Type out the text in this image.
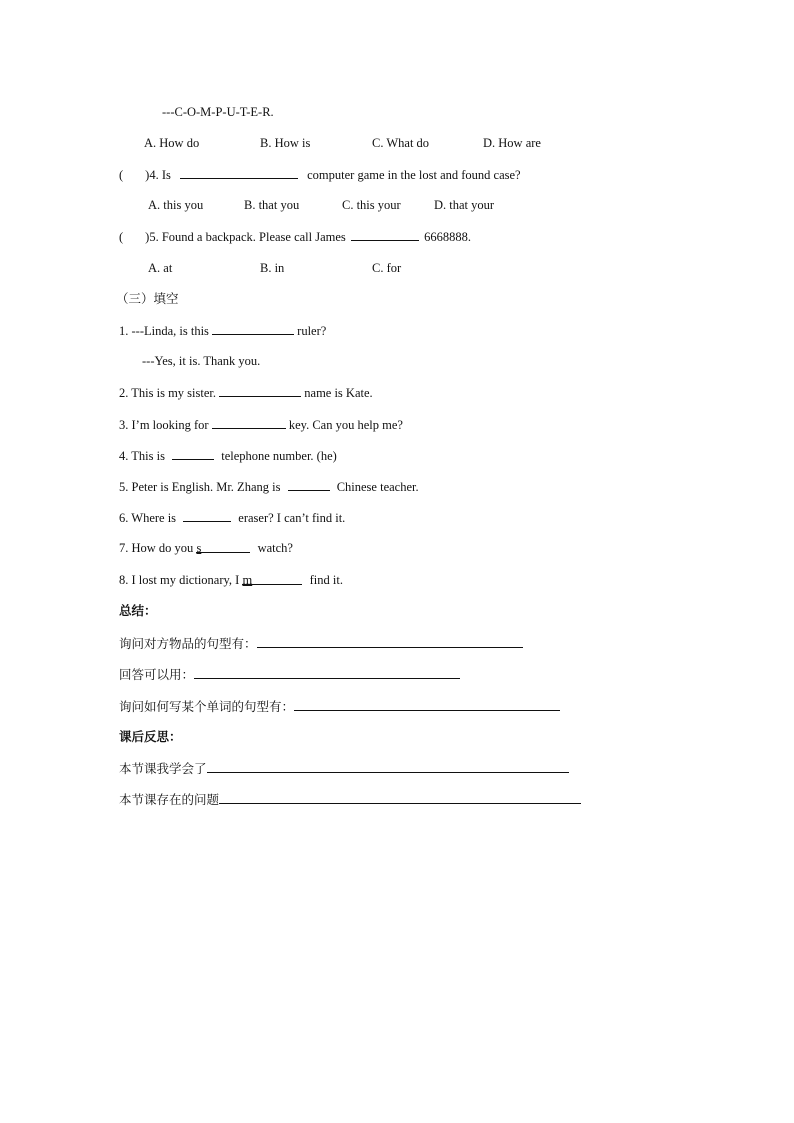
---C-O-M-P-U-T-E-R.
A. How do	B. How is	C. What do	D. How are
( )4. Is	computer game in the lost and found case?
A. this you	B. that you	C. this your	D. that your
( )5. Found a backpack. Please call James	6668888.
A. at	B. in	C. for
（三）填空
1. ---Linda, is this	ruler?
---Yes, it is. Thank you.
2. This is my sister.	name is Kate.
3. I’m looking for	key. Can you help me?
4. This is	telephone number. (he)
5. Peter is English. Mr. Zhang is	Chinese teacher.
6. Where is	eraser? I can’t find it.
7. How do you s	watch?
8. I lost my dictionary, I m	find it.
总结：
询问对方物品的句型有：
回答可以用：
询问如何写某个单词的句型有：
课后反思：
本节课我学会了
本节课存在的问题
